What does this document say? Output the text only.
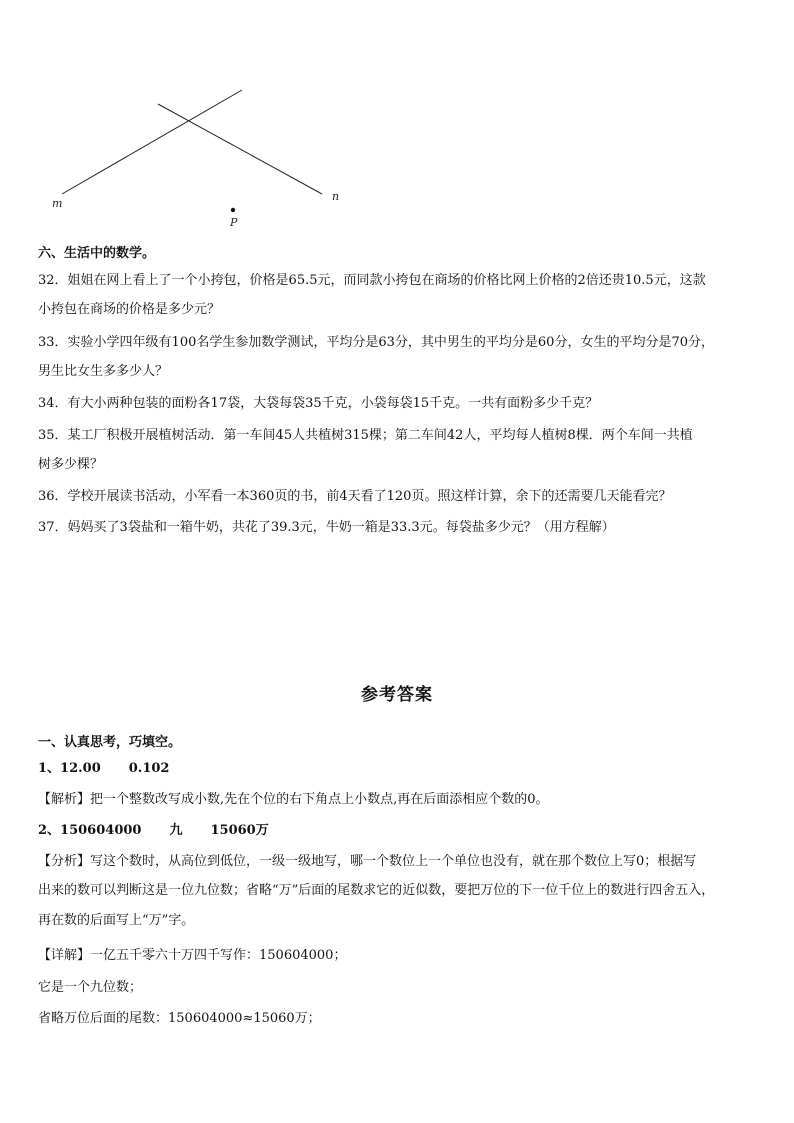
m
n
P
六、生活中的数学。
32．姐姐在网上看上了一个小挎包，价格是65.5元，而同款小挎包在商场的价格比网上价格的2倍还贵10.5元，这款
小挎包在商场的价格是多少元？
33．实验小学四年级有100名学生参加数学测试，平均分是63分，其中男生的平均分是60分，女生的平均分是70分，
男生比女生多多少人？
34．有大小两种包装的面粉各17袋，大袋每袋35千克，小袋每袋15千克。一共有面粉多少千克？
35．某工厂积极开展植树活动．第一车间45人共植树315棵；第二车间42人，平均每人植树8棵．两个车间一共植
树多少棵？
36．学校开展读书活动，小军看一本360页的书，前4天看了120页。照这样计算，余下的还需要几天能看完？
37．妈妈买了3袋盐和一箱牛奶，共花了39.3元，牛奶一箱是33.3元。每袋盐多少元？（用方程解）
参考答案
一、认真思考，巧填空。
1、12.00 0.102
【解析】把一个整数改写成小数,先在个位的右下角点上小数点,再在后面添相应个数的0。
2、150604000 九 15060万
【分析】写这个数时，从高位到低位，一级一级地写，哪一个数位上一个单位也没有，就在那个数位上写0；根据写
出来的数可以判断这是一位九位数；省略“万”后面的尾数求它的近似数，要把万位的下一位千位上的数进行四舍五入，
再在数的后面写上“万”字。
【详解】一亿五千零六十万四千写作：150604000；
它是一个九位数；
省略万位后面的尾数：150604000≈15060万；
